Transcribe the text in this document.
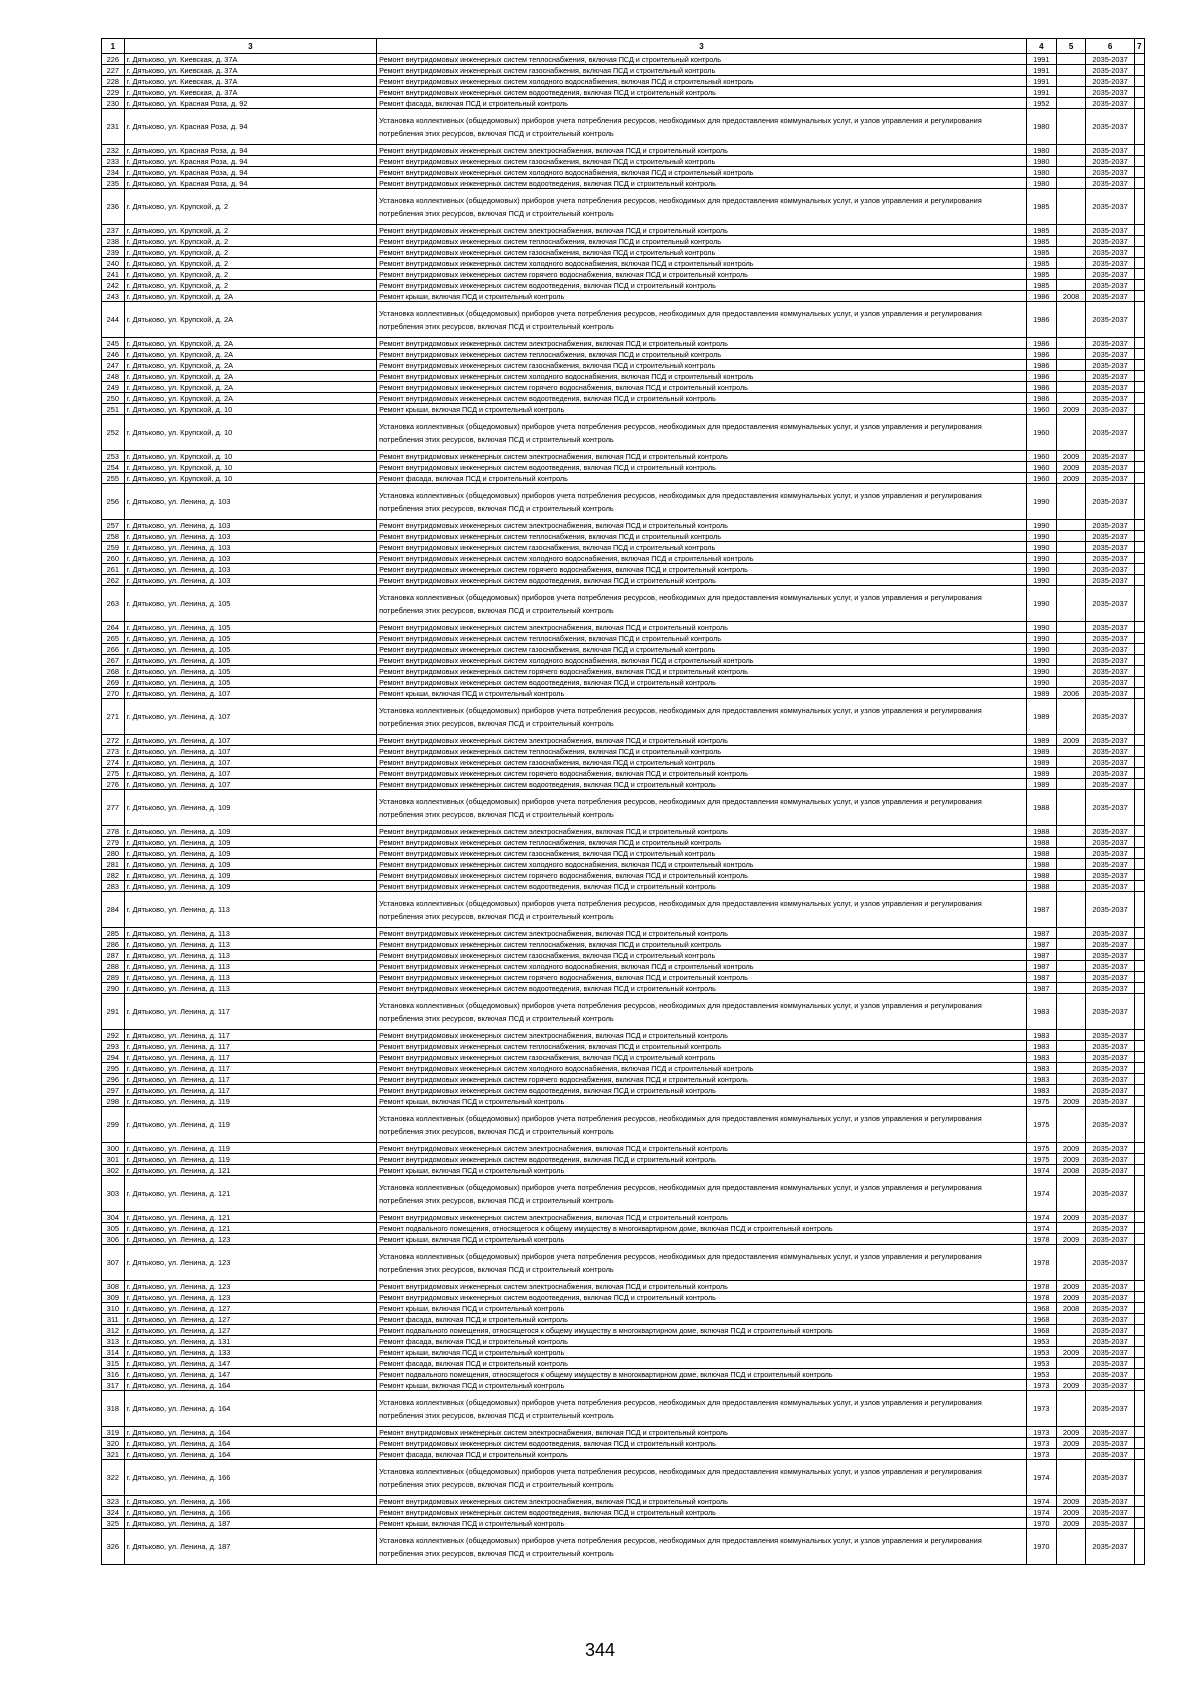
1	3	3	4	5	6	7
226	г. Дятьково, ул. Киевская, д. 37А	Ремонт внутридомовых инженерных систем теплоснабжения, включая ПСД и строительный контроль	1991		2035-2037	
227	г. Дятьково, ул. Киевская, д. 37А	Ремонт внутридомовых инженерных систем газоснабжения, включая ПСД и строительный контроль	1991		2035-2037	
228	г. Дятьково, ул. Киевская, д. 37А	Ремонт внутридомовых инженерных систем холодного водоснабжения, включая ПСД и строительный контроль	1991		2035-2037	
229	г. Дятьково, ул. Киевская, д. 37А	Ремонт внутридомовых инженерных систем водоотведения, включая ПСД и строительный контроль	1991		2035-2037	
230	г. Дятьково, ул. Красная Роза, д. 92	Ремонт фасада, включая ПСД и строительный контроль	1952		2035-2037	
231	г. Дятьково, ул. Красная Роза, д. 94	Установка коллективных (общедомовых) приборов учета потребления ресурсов, необходимых для предоставления коммунальных услуг, и узлов управления и регулирования потребления этих ресурсов, включая ПСД и строительный контроль	1980		2035-2037	
232	г. Дятьково, ул. Красная Роза, д. 94	Ремонт внутридомовых инженерных систем электроснабжения, включая ПСД и строительный контроль	1980		2035-2037	
233	г. Дятьково, ул. Красная Роза, д. 94	Ремонт внутридомовых инженерных систем газоснабжения, включая ПСД и строительный контроль	1980		2035-2037	
234	г. Дятьково, ул. Красная Роза, д. 94	Ремонт внутридомовых инженерных систем холодного водоснабжения, включая ПСД и строительный контроль	1980		2035-2037	
235	г. Дятьково, ул. Красная Роза, д. 94	Ремонт внутридомовых инженерных систем водоотведения, включая ПСД и строительный контроль	1980		2035-2037	
236	г. Дятьково, ул. Крупской, д. 2	Установка коллективных (общедомовых) приборов учета потребления ресурсов, необходимых для предоставления коммунальных услуг, и узлов управления и регулирования потребления этих ресурсов, включая ПСД и строительный контроль	1985		2035-2037	
237	г. Дятьково, ул. Крупской, д. 2	Ремонт внутридомовых инженерных систем электроснабжения, включая ПСД и строительный контроль	1985		2035-2037	
238	г. Дятьково, ул. Крупской, д. 2	Ремонт внутридомовых инженерных систем теплоснабжения, включая ПСД и строительный контроль	1985		2035-2037	
239	г. Дятьково, ул. Крупской, д. 2	Ремонт внутридомовых инженерных систем газоснабжения, включая ПСД и строительный контроль	1985		2035-2037	
240	г. Дятьково, ул. Крупской, д. 2	Ремонт внутридомовых инженерных систем холодного водоснабжения, включая ПСД и строительный контроль	1985		2035-2037	
241	г. Дятьково, ул. Крупской, д. 2	Ремонт внутридомовых инженерных систем горячего водоснабжения, включая ПСД и строительный контроль	1985		2035-2037	
242	г. Дятьково, ул. Крупской, д. 2	Ремонт внутридомовых инженерных систем водоотведения, включая ПСД и строительный контроль	1985		2035-2037	
243	г. Дятьково, ул. Крупской, д. 2А	Ремонт крыши, включая ПСД и строительный контроль	1986	2008	2035-2037	
244	г. Дятьково, ул. Крупской, д. 2А	Установка коллективных (общедомовых) приборов учета потребления ресурсов, необходимых для предоставления коммунальных услуг, и узлов управления и регулирования потребления этих ресурсов, включая ПСД и строительный контроль	1986		2035-2037	
245	г. Дятьково, ул. Крупской, д. 2А	Ремонт внутридомовых инженерных систем электроснабжения, включая ПСД и строительный контроль	1986		2035-2037	
246	г. Дятьково, ул. Крупской, д. 2А	Ремонт внутридомовых инженерных систем теплоснабжения, включая ПСД и строительный контроль	1986		2035-2037	
247	г. Дятьково, ул. Крупской, д. 2А	Ремонт внутридомовых инженерных систем газоснабжения, включая ПСД и строительный контроль	1986		2035-2037	
248	г. Дятьково, ул. Крупской, д. 2А	Ремонт внутридомовых инженерных систем холодного водоснабжения, включая ПСД и строительный контроль	1986		2035-2037	
249	г. Дятьково, ул. Крупской, д. 2А	Ремонт внутридомовых инженерных систем горячего водоснабжения, включая ПСД и строительный контроль	1986		2035-2037	
250	г. Дятьково, ул. Крупской, д. 2А	Ремонт внутридомовых инженерных систем водоотведения, включая ПСД и строительный контроль	1986		2035-2037	
251	г. Дятьково, ул. Крупской, д. 10	Ремонт крыши, включая ПСД и строительный контроль	1960	2009	2035-2037	
252	г. Дятьково, ул. Крупской, д. 10	Установка коллективных (общедомовых) приборов учета потребления ресурсов, необходимых для предоставления коммунальных услуг, и узлов управления и регулирования потребления этих ресурсов, включая ПСД и строительный контроль	1960		2035-2037	
253	г. Дятьково, ул. Крупской, д. 10	Ремонт внутридомовых инженерных систем электроснабжения, включая ПСД и строительный контроль	1960	2009	2035-2037	
254	г. Дятьково, ул. Крупской, д. 10	Ремонт внутридомовых инженерных систем водоотведения, включая ПСД и строительный контроль	1960	2009	2035-2037	
255	г. Дятьково, ул. Крупской, д. 10	Ремонт фасада, включая ПСД и строительный контроль	1960	2009	2035-2037	
256	г. Дятьково, ул. Ленина, д. 103	Установка коллективных (общедомовых) приборов учета потребления ресурсов, необходимых для предоставления коммунальных услуг, и узлов управления и регулирования потребления этих ресурсов, включая ПСД и строительный контроль	1990		2035-2037	
257	г. Дятьково, ул. Ленина, д. 103	Ремонт внутридомовых инженерных систем электроснабжения, включая ПСД и строительный контроль	1990		2035-2037	
258	г. Дятьково, ул. Ленина, д. 103	Ремонт внутридомовых инженерных систем теплоснабжения, включая ПСД и строительный контроль	1990		2035-2037	
259	г. Дятьково, ул. Ленина, д. 103	Ремонт внутридомовых инженерных систем газоснабжения, включая ПСД и строительный контроль	1990		2035-2037	
260	г. Дятьково, ул. Ленина, д. 103	Ремонт внутридомовых инженерных систем холодного водоснабжения, включая ПСД и строительный контроль	1990		2035-2037	
261	г. Дятьково, ул. Ленина, д. 103	Ремонт внутридомовых инженерных систем горячего водоснабжения, включая ПСД и строительный контроль	1990		2035-2037	
262	г. Дятьково, ул. Ленина, д. 103	Ремонт внутридомовых инженерных систем водоотведения, включая ПСД и строительный контроль	1990		2035-2037	
263	г. Дятьково, ул. Ленина, д. 105	Установка коллективных (общедомовых) приборов учета потребления ресурсов, необходимых для предоставления коммунальных услуг, и узлов управления и регулирования потребления этих ресурсов, включая ПСД и строительный контроль	1990		2035-2037	
264	г. Дятьково, ул. Ленина, д. 105	Ремонт внутридомовых инженерных систем электроснабжения, включая ПСД и строительный контроль	1990		2035-2037	
265	г. Дятьково, ул. Ленина, д. 105	Ремонт внутридомовых инженерных систем теплоснабжения, включая ПСД и строительный контроль	1990		2035-2037	
266	г. Дятьково, ул. Ленина, д. 105	Ремонт внутридомовых инженерных систем газоснабжения, включая ПСД и строительный контроль	1990		2035-2037	
267	г. Дятьково, ул. Ленина, д. 105	Ремонт внутридомовых инженерных систем холодного водоснабжения, включая ПСД и строительный контроль	1990		2035-2037	
268	г. Дятьково, ул. Ленина, д. 105	Ремонт внутридомовых инженерных систем горячего водоснабжения, включая ПСД и строительный контроль	1990		2035-2037	
269	г. Дятьково, ул. Ленина, д. 105	Ремонт внутридомовых инженерных систем водоотведения, включая ПСД и строительный контроль	1990		2035-2037	
270	г. Дятьково, ул. Ленина, д. 107	Ремонт крыши, включая ПСД и строительный контроль	1989	2006	2035-2037	
271	г. Дятьково, ул. Ленина, д. 107	Установка коллективных (общедомовых) приборов учета потребления ресурсов, необходимых для предоставления коммунальных услуг, и узлов управления и регулирования потребления этих ресурсов, включая ПСД и строительный контроль	1989		2035-2037	
272	г. Дятьково, ул. Ленина, д. 107	Ремонт внутридомовых инженерных систем электроснабжения, включая ПСД и строительный контроль	1989	2009	2035-2037	
273	г. Дятьково, ул. Ленина, д. 107	Ремонт внутридомовых инженерных систем теплоснабжения, включая ПСД и строительный контроль	1989		2035-2037	
274	г. Дятьково, ул. Ленина, д. 107	Ремонт внутридомовых инженерных систем газоснабжения, включая ПСД и строительный контроль	1989		2035-2037	
275	г. Дятьково, ул. Ленина, д. 107	Ремонт внутридомовых инженерных систем горячего водоснабжения, включая ПСД и строительный контроль	1989		2035-2037	
276	г. Дятьково, ул. Ленина, д. 107	Ремонт внутридомовых инженерных систем водоотведения, включая ПСД и строительный контроль	1989		2035-2037	
277	г. Дятьково, ул. Ленина, д. 109	Установка коллективных (общедомовых) приборов учета потребления ресурсов, необходимых для предоставления коммунальных услуг, и узлов управления и регулирования потребления этих ресурсов, включая ПСД и строительный контроль	1988		2035-2037	
278	г. Дятьково, ул. Ленина, д. 109	Ремонт внутридомовых инженерных систем электроснабжения, включая ПСД и строительный контроль	1988		2035-2037	
279	г. Дятьково, ул. Ленина, д. 109	Ремонт внутридомовых инженерных систем теплоснабжения, включая ПСД и строительный контроль	1988		2035-2037	
280	г. Дятьково, ул. Ленина, д. 109	Ремонт внутридомовых инженерных систем газоснабжения, включая ПСД и строительный контроль	1988		2035-2037	
281	г. Дятьково, ул. Ленина, д. 109	Ремонт внутридомовых инженерных систем холодного водоснабжения, включая ПСД и строительный контроль	1988		2035-2037	
282	г. Дятьково, ул. Ленина, д. 109	Ремонт внутридомовых инженерных систем горячего водоснабжения, включая ПСД и строительный контроль	1988		2035-2037	
283	г. Дятьково, ул. Ленина, д. 109	Ремонт внутридомовых инженерных систем водоотведения, включая ПСД и строительный контроль	1988		2035-2037	
284	г. Дятьково, ул. Ленина, д. 113	Установка коллективных (общедомовых) приборов учета потребления ресурсов, необходимых для предоставления коммунальных услуг, и узлов управления и регулирования потребления этих ресурсов, включая ПСД и строительный контроль	1987		2035-2037	
285	г. Дятьково, ул. Ленина, д. 113	Ремонт внутридомовых инженерных систем электроснабжения, включая ПСД и строительный контроль	1987		2035-2037	
286	г. Дятьково, ул. Ленина, д. 113	Ремонт внутридомовых инженерных систем теплоснабжения, включая ПСД и строительный контроль	1987		2035-2037	
287	г. Дятьково, ул. Ленина, д. 113	Ремонт внутридомовых инженерных систем газоснабжения, включая ПСД и строительный контроль	1987		2035-2037	
288	г. Дятьково, ул. Ленина, д. 113	Ремонт внутридомовых инженерных систем холодного водоснабжения, включая ПСД и строительный контроль	1987		2035-2037	
289	г. Дятьково, ул. Ленина, д. 113	Ремонт внутридомовых инженерных систем горячего водоснабжения, включая ПСД и строительный контроль	1987		2035-2037	
290	г. Дятьково, ул. Ленина, д. 113	Ремонт внутридомовых инженерных систем водоотведения, включая ПСД и строительный контроль	1987		2035-2037	
291	г. Дятьково, ул. Ленина, д. 117	Установка коллективных (общедомовых) приборов учета потребления ресурсов, необходимых для предоставления коммунальных услуг, и узлов управления и регулирования потребления этих ресурсов, включая ПСД и строительный контроль	1983		2035-2037	
292	г. Дятьково, ул. Ленина, д. 117	Ремонт внутридомовых инженерных систем электроснабжения, включая ПСД и строительный контроль	1983		2035-2037	
293	г. Дятьково, ул. Ленина, д. 117	Ремонт внутридомовых инженерных систем теплоснабжения, включая ПСД и строительный контроль	1983		2035-2037	
294	г. Дятьково, ул. Ленина, д. 117	Ремонт внутридомовых инженерных систем газоснабжения, включая ПСД и строительный контроль	1983		2035-2037	
295	г. Дятьково, ул. Ленина, д. 117	Ремонт внутридомовых инженерных систем холодного водоснабжения, включая ПСД и строительный контроль	1983		2035-2037	
296	г. Дятьково, ул. Ленина, д. 117	Ремонт внутридомовых инженерных систем горячего водоснабжения, включая ПСД и строительный контроль	1983		2035-2037	
297	г. Дятьково, ул. Ленина, д. 117	Ремонт внутридомовых инженерных систем водоотведения, включая ПСД и строительный контроль	1983		2035-2037	
298	г. Дятьково, ул. Ленина, д. 119	Ремонт крыши, включая ПСД и строительный контроль	1975	2009	2035-2037	
299	г. Дятьково, ул. Ленина, д. 119	Установка коллективных (общедомовых) приборов учета потребления ресурсов, необходимых для предоставления коммунальных услуг, и узлов управления и регулирования потребления этих ресурсов, включая ПСД и строительный контроль	1975		2035-2037	
300	г. Дятьково, ул. Ленина, д. 119	Ремонт внутридомовых инженерных систем электроснабжения, включая ПСД и строительный контроль	1975	2009	2035-2037	
301	г. Дятьково, ул. Ленина, д. 119	Ремонт внутридомовых инженерных систем водоотведения, включая ПСД и строительный контроль	1975	2009	2035-2037	
302	г. Дятьково, ул. Ленина, д. 121	Ремонт крыши, включая ПСД и строительный контроль	1974	2008	2035-2037	
303	г. Дятьково, ул. Ленина, д. 121	Установка коллективных (общедомовых) приборов учета потребления ресурсов, необходимых для предоставления коммунальных услуг, и узлов управления и регулирования потребления этих ресурсов, включая ПСД и строительный контроль	1974		2035-2037	
304	г. Дятьково, ул. Ленина, д. 121	Ремонт внутридомовых инженерных систем электроснабжения, включая ПСД и строительный контроль	1974	2009	2035-2037	
305	г. Дятьково, ул. Ленина, д. 121	Ремонт подвального помещения, относящегося к общему имуществу в многоквартирном доме, включая ПСД и строительный контроль	1974		2035-2037	
306	г. Дятьково, ул. Ленина, д. 123	Ремонт крыши, включая ПСД и строительный контроль	1978	2009	2035-2037	
307	г. Дятьково, ул. Ленина, д. 123	Установка коллективных (общедомовых) приборов учета потребления ресурсов, необходимых для предоставления коммунальных услуг, и узлов управления и регулирования потребления этих ресурсов, включая ПСД и строительный контроль	1978		2035-2037	
308	г. Дятьково, ул. Ленина, д. 123	Ремонт внутридомовых инженерных систем электроснабжения, включая ПСД и строительный контроль	1978	2009	2035-2037	
309	г. Дятьково, ул. Ленина, д. 123	Ремонт внутридомовых инженерных систем водоотведения, включая ПСД и строительный контроль	1978	2009	2035-2037	
310	г. Дятьково, ул. Ленина, д. 127	Ремонт крыши, включая ПСД и строительный контроль	1968	2008	2035-2037	
311	г. Дятьково, ул. Ленина, д. 127	Ремонт фасада, включая ПСД и строительный контроль	1968		2035-2037	
312	г. Дятьково, ул. Ленина, д. 127	Ремонт подвального помещения, относящегося к общему имуществу в многоквартирном доме, включая ПСД и строительный контроль	1968		2035-2037	
313	г. Дятьково, ул. Ленина, д. 131	Ремонт фасада, включая ПСД и строительный контроль	1953		2035-2037	
314	г. Дятьково, ул. Ленина, д. 133	Ремонт крыши, включая ПСД и строительный контроль	1953	2009	2035-2037	
315	г. Дятьково, ул. Ленина, д. 147	Ремонт фасада, включая ПСД и строительный контроль	1953		2035-2037	
316	г. Дятьково, ул. Ленина, д. 147	Ремонт подвального помещения, относящегося к общему имуществу в многоквартирном доме, включая ПСД и строительный контроль	1953		2035-2037	
317	г. Дятьково, ул. Ленина, д. 164	Ремонт крыши, включая ПСД и строительный контроль	1973	2009	2035-2037	
318	г. Дятьково, ул. Ленина, д. 164	Установка коллективных (общедомовых) приборов учета потребления ресурсов, необходимых для предоставления коммунальных услуг, и узлов управления и регулирования потребления этих ресурсов, включая ПСД и строительный контроль	1973		2035-2037	
319	г. Дятьково, ул. Ленина, д. 164	Ремонт внутридомовых инженерных систем электроснабжения, включая ПСД и строительный контроль	1973	2009	2035-2037	
320	г. Дятьково, ул. Ленина, д. 164	Ремонт внутридомовых инженерных систем водоотведения, включая ПСД и строительный контроль	1973	2009	2035-2037	
321	г. Дятьково, ул. Ленина, д. 164	Ремонт фасада, включая ПСД и строительный контроль	1973		2035-2037	
322	г. Дятьково, ул. Ленина, д. 166	Установка коллективных (общедомовых) приборов учета потребления ресурсов, необходимых для предоставления коммунальных услуг, и узлов управления и регулирования потребления этих ресурсов, включая ПСД и строительный контроль	1974		2035-2037	
323	г. Дятьково, ул. Ленина, д. 166	Ремонт внутридомовых инженерных систем электроснабжения, включая ПСД и строительный контроль	1974	2009	2035-2037	
324	г. Дятьково, ул. Ленина, д. 166	Ремонт внутридомовых инженерных систем водоотведения, включая ПСД и строительный контроль	1974	2009	2035-2037	
325	г. Дятьково, ул. Ленина, д. 187	Ремонт крыши, включая ПСД и строительный контроль	1970	2009	2035-2037	
326	г. Дятьково, ул. Ленина, д. 187	Установка коллективных (общедомовых) приборов учета потребления ресурсов, необходимых для предоставления коммунальных услуг, и узлов управления и регулирования потребления этих ресурсов, включая ПСД и строительный контроль	1970		2035-2037	
344
